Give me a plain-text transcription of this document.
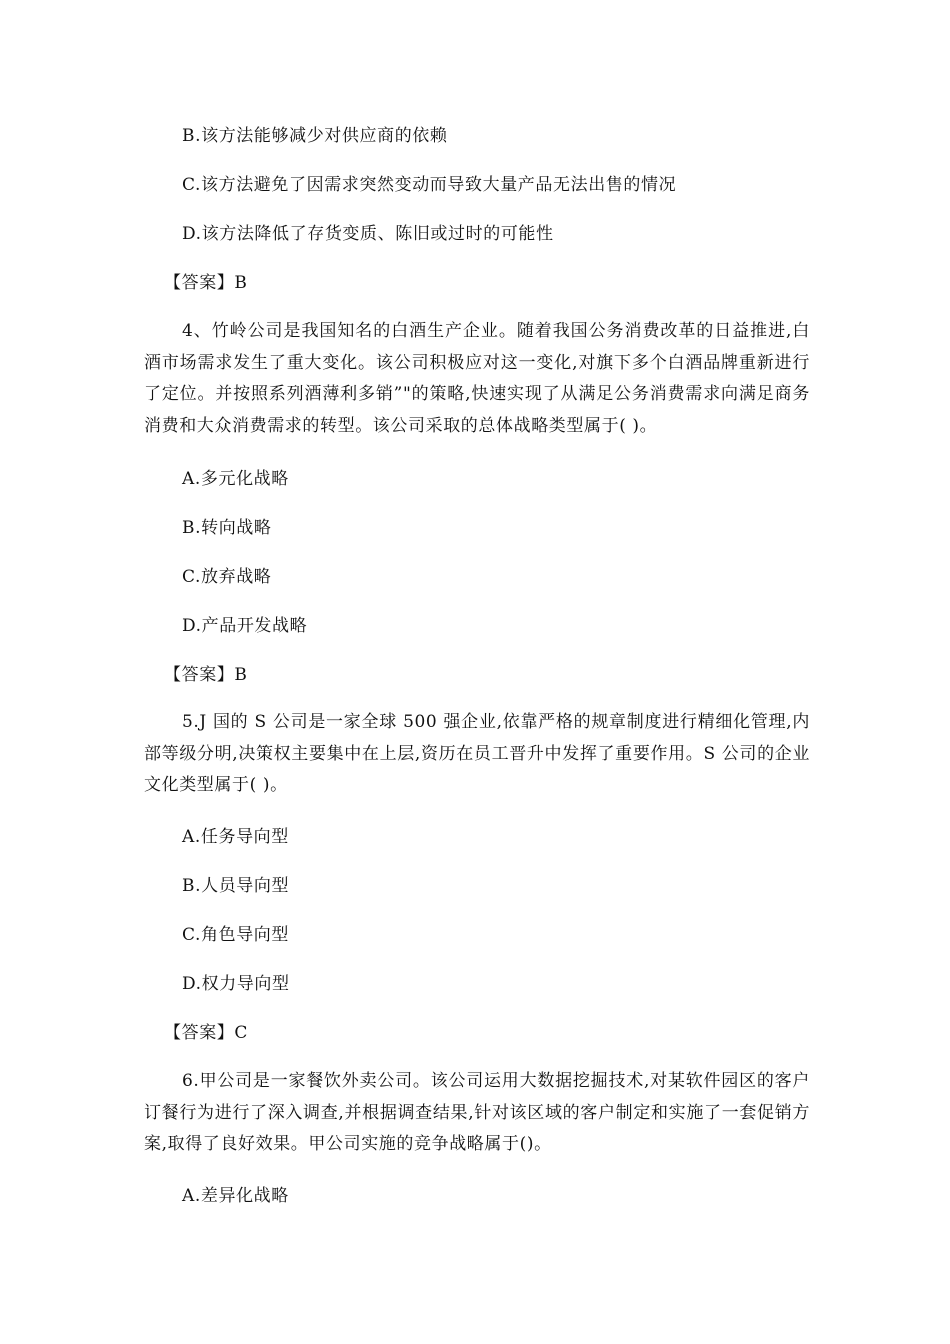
B.该方法能够减少对供应商的依赖
C.该方法避免了因需求突然变动而导致大量产品无法出售的情况
D.该方法降低了存货变质、陈旧或过时的可能性
【答案】B
4、竹岭公司是我国知名的白酒生产企业。随着我国公务消费改革的日益推进,白酒市场需求发生了重大变化。该公司积极应对这一变化,对旗下多个白酒品牌重新进行了定位。并按照系列酒薄利多销”"的策略,快速实现了从满足公务消费需求向满足商务消费和大众消费需求的转型。该公司采取的总体战略类型属于( )。
A.多元化战略
B.转向战略
C.放弃战略
D.产品开发战略
【答案】B
5.J 国的 S 公司是一家全球 500 强企业,依靠严格的规章制度进行精细化管理,内部等级分明,决策权主要集中在上层,资历在员工晋升中发挥了重要作用。S 公司的企业文化类型属于( )。
A.任务导向型
B.人员导向型
C.角色导向型
D.权力导向型
【答案】C
6.甲公司是一家餐饮外卖公司。该公司运用大数据挖掘技术,对某软件园区的客户订餐行为进行了深入调查,并根据调查结果,针对该区域的客户制定和实施了一套促销方案,取得了良好效果。甲公司实施的竞争战略属于()。
A.差异化战略
